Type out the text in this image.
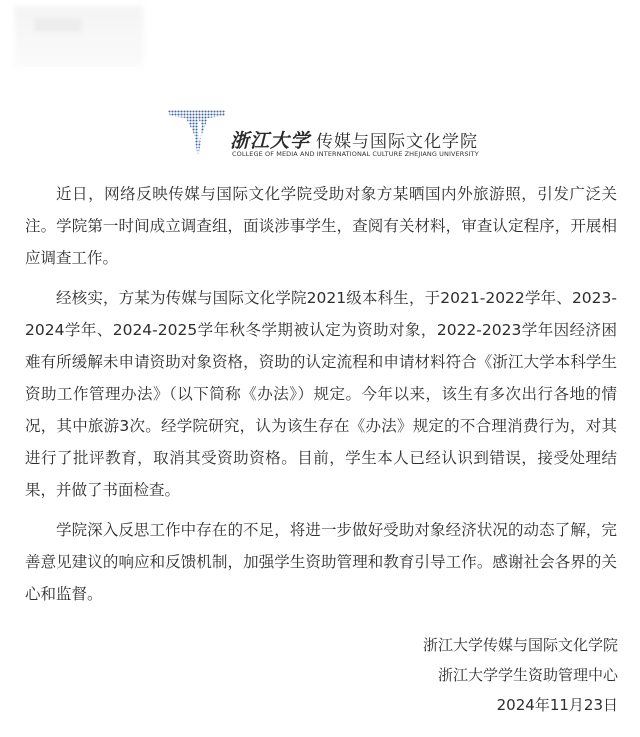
浙江大学 传媒与国际文化学院
COLLEGE OF MEDIA AND INTERNATIONAL CULTURE ZHEJIANG UNIVERSITY

近日，网络反映传媒与国际文化学院受助对象方某晒国内外旅游照，引发广泛关注。学院第一时间成立调查组，面谈涉事学生，查阅有关材料，审查认定程序，开展相应调查工作。

经核实，方某为传媒与国际文化学院2021级本科生，于2021-2022学年、2023-2024学年、2024-2025学年秋冬学期被认定为资助对象，2022-2023学年因经济困难有所缓解未申请资助对象资格，资助的认定流程和申请材料符合《浙江大学本科学生资助工作管理办法》（以下简称《办法》）规定。今年以来，该生有多次出行各地的情况，其中旅游3次。经学院研究，认为该生存在《办法》规定的不合理消费行为，对其进行了批评教育，取消其受资助资格。目前，学生本人已经认识到错误，接受处理结果，并做了书面检查。

学院深入反思工作中存在的不足，将进一步做好受助对象经济状况的动态了解，完善意见建议的响应和反馈机制，加强学生资助管理和教育引导工作。感谢社会各界的关心和监督。

浙江大学传媒与国际文化学院
浙江大学学生资助管理中心
2024年11月23日
